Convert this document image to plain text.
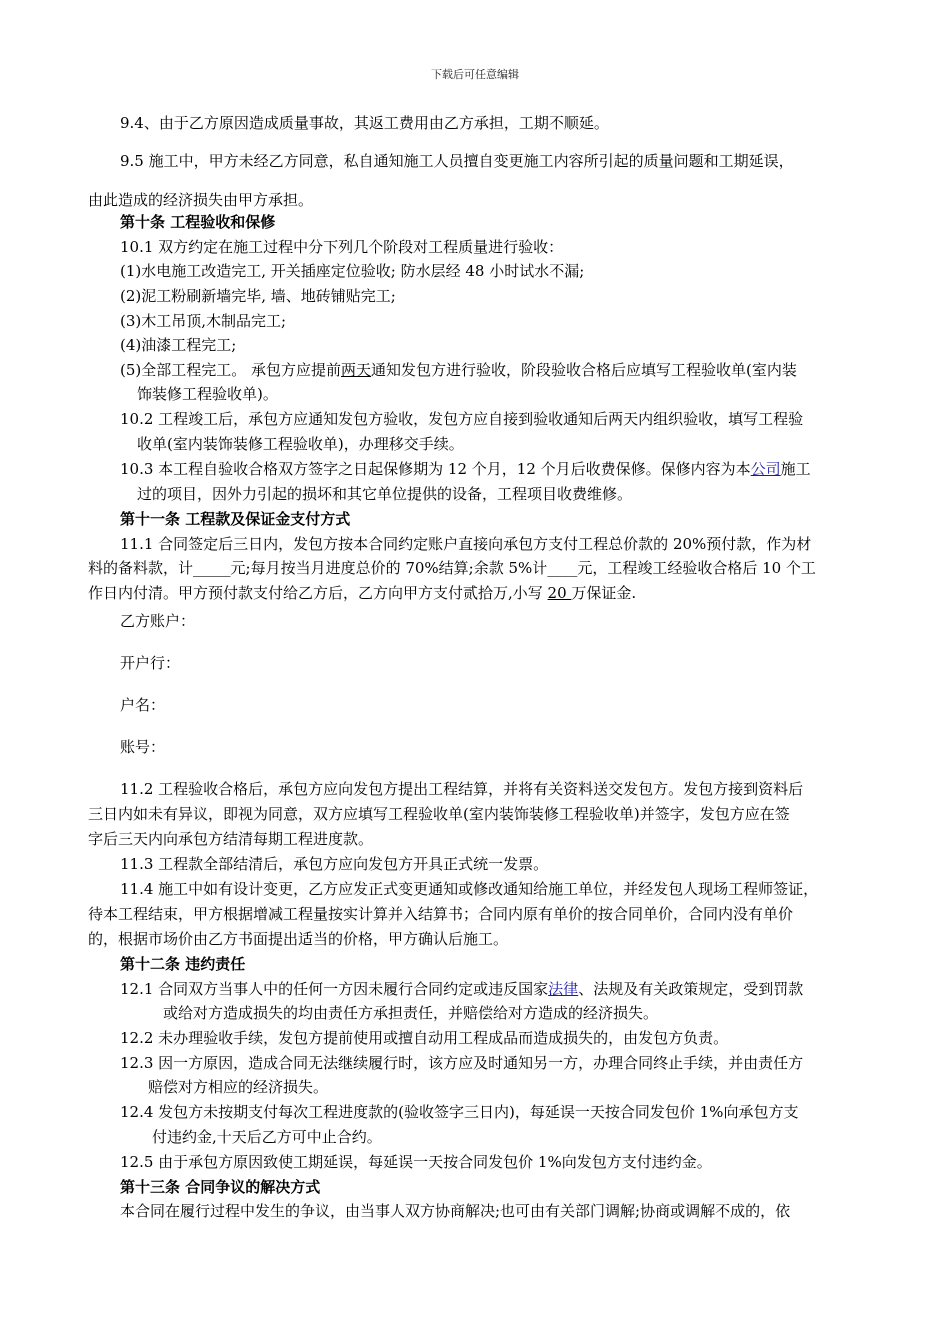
下载后可任意编辑
9.4、由于乙方原因造成质量事故，其返工费用由乙方承担，工期不顺延。
9.5 施工中，甲方未经乙方同意，私自通知施工人员擅自变更施工内容所引起的质量问题和工期延误，
由此造成的经济损失由甲方承担。
第十条 工程验收和保修
10.1 双方约定在施工过程中分下列几个阶段对工程质量进行验收：
(1)水电施工改造完工, 开关插座定位验收; 防水层经 48 小时试水不漏;
(2)泥工粉刷新墙完毕, 墙、地砖铺贴完工;
(3)木工吊顶,木制品完工;
(4)油漆工程完工;
(5)全部工程完工。 承包方应提前两天通知发包方进行验收，阶段验收合格后应填写工程验收单(室内装
饰装修工程验收单)。
10.2 工程竣工后，承包方应通知发包方验收，发包方应自接到验收通知后两天内组织验收，填写工程验
收单(室内装饰装修工程验收单)，办理移交手续。
10.3 本工程自验收合格双方签字之日起保修期为 12 个月，12 个月后收费保修。保修内容为本公司施工
过的项目，因外力引起的损坏和其它单位提供的设备，工程项目收费维修。
第十一条 工程款及保证金支付方式
11.1 合同签定后三日内，发包方按本合同约定账户直接向承包方支付工程总价款的 20%预付款，作为材
料的备料款，计_____元;每月按当月进度总价的 70%结算;余款 5%计____元，工程竣工经验收合格后 10 个工
作日内付清。甲方预付款支付给乙方后，乙方向甲方支付贰拾万,小写 20 万保证金.
乙方账户：
开户行：
户名：
账号：
11.2 工程验收合格后，承包方应向发包方提出工程结算，并将有关资料送交发包方。发包方接到资料后
三日内如未有异议，即视为同意，双方应填写工程验收单(室内装饰装修工程验收单)并签字，发包方应在签
字后三天内向承包方结清每期工程进度款。
11.3 工程款全部结清后，承包方应向发包方开具正式统一发票。
11.4 施工中如有设计变更，乙方应发正式变更通知或修改通知给施工单位，并经发包人现场工程师签证，
待本工程结束，甲方根据增减工程量按实计算并入结算书；合同内原有单价的按合同单价，合同内没有单价
的，根据市场价由乙方书面提出适当的价格，甲方确认后施工。
第十二条 违约责任
12.1 合同双方当事人中的任何一方因未履行合同约定或违反国家法律、法规及有关政策规定，受到罚款
或给对方造成损失的均由责任方承担责任，并赔偿给对方造成的经济损失。
12.2 未办理验收手续，发包方提前使用或擅自动用工程成品而造成损失的，由发包方负责。
12.3 因一方原因，造成合同无法继续履行时，该方应及时通知另一方，办理合同终止手续，并由责任方
赔偿对方相应的经济损失。
12.4 发包方未按期支付每次工程进度款的(验收签字三日内)，每延误一天按合同发包价 1%向承包方支
付违约金,十天后乙方可中止合约。
12.5 由于承包方原因致使工期延误，每延误一天按合同发包价 1%向发包方支付违约金。
第十三条 合同争议的解决方式
本合同在履行过程中发生的争议，由当事人双方协商解决;也可由有关部门调解;协商或调解不成的，依
